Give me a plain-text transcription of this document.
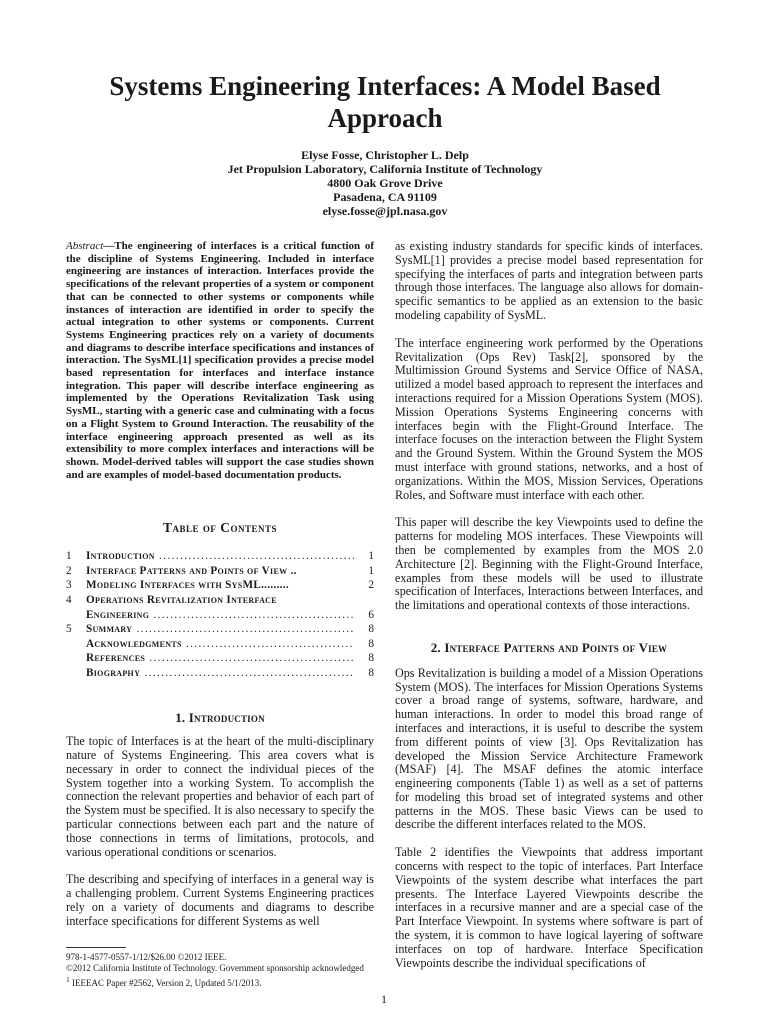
Systems Engineering Interfaces: A Model Based Approach
Elyse Fosse, Christopher L. Delp
Jet Propulsion Laboratory, California Institute of Technology
4800 Oak Grove Drive
Pasadena, CA 91109
elyse.fosse@jpl.nasa.gov

Abstract—The engineering of interfaces is a critical function of the discipline of Systems Engineering. Included in interface engineering are instances of interaction. Interfaces provide the specifications of the relevant properties of a system or component that can be connected to other systems or components while instances of interaction are identified in order to specify the actual integration to other systems or components. Current Systems Engineering practices rely on a variety of documents and diagrams to describe interface specifications and instances of interaction. The SysML[1] specification provides a precise model based representation for interfaces and interface instance integration. This paper will describe interface engineering as implemented by the Operations Revitalization Task using SysML, starting with a generic case and culminating with a focus on a Flight System to Ground Interaction. The reusability of the interface engineering approach presented as well as its extensibility to more complex interfaces and interactions will be shown. Model-derived tables will support the case studies shown and are examples of model-based documentation products.

Table of Contents
1	Introduction .....	1
2	Interface Patterns and Points of View ..	1
3	Modeling Interfaces with SysML.........	2
4	Operations Revitalization Interface
Engineering .....	6
5	Summary .....	8
Acknowledgments .....	8
References .....	8
Biography .....	8
1. Introduction

The topic of Interfaces is at the heart of the multi-disciplinary nature of Systems Engineering. This area covers what is necessary in order to connect the individual pieces of the System together into a working System. To accomplish the connection the relevant properties and behavior of each part of the System must be specified. It is also necessary to specify the particular connections between each part and the nature of those connections in terms of limitations, protocols, and various operational conditions or scenarios.

The describing and specifying of interfaces in a general way is a challenging problem. Current Systems Engineering practices rely on a variety of documents and diagrams to describe interface specifications for different Systems as well

978-1-4577-0557-1/12/$26.00 ©2012 IEEE.
©2012 California Institute of Technology. Government sponsorship acknowledged
$^1$ IEEEAC Paper #2562, Version 2, Updated 5/1/2013.

as existing industry standards for specific kinds of interfaces. SysML[1] provides a precise model based representation for specifying the interfaces of parts and integration between parts through those interfaces. The language also allows for domain-specific semantics to be applied as an extension to the basic modeling capability of SysML.

The interface engineering work performed by the Operations Revitalization (Ops Rev) Task[2], sponsored by the Multimission Ground Systems and Service Office of NASA, utilized a model based approach to represent the interfaces and interactions required for a Mission Operations System (MOS). Mission Operations Systems Engineering concerns with interfaces begin with the Flight-Ground Interface. The interface focuses on the interaction between the Flight System and the Ground System. Within the Ground System the MOS must interface with ground stations, networks, and a host of organizations. Within the MOS, Mission Services, Operations Roles, and Software must interface with each other.

This paper will describe the key Viewpoints used to define the patterns for modeling MOS interfaces. These Viewpoints will then be complemented by examples from the MOS 2.0 Architecture [2]. Beginning with the Flight-Ground Interface, examples from these models will be used to illustrate specification of Interfaces, Interactions between Interfaces, and the limitations and operational contexts of those interactions.

2. Interface Patterns and Points of View

Ops Revitalization is building a model of a Mission Operations System (MOS). The interfaces for Mission Operations Systems cover a broad range of systems, software, hardware, and human interactions. In order to model this broad range of interfaces and interactions, it is useful to describe the system from different points of view [3]. Ops Revitalization has developed the Mission Service Architecture Framework (MSAF) [4]. The MSAF defines the atomic interface engineering components (Table 1) as well as a set of patterns for modeling this broad set of integrated systems and other patterns in the MOS. These basic Views can be used to describe the different interfaces related to the MOS.

Table 2 identifies the Viewpoints that address important concerns with respect to the topic of interfaces. Part Interface Viewpoints of the system describe what interfaces the part presents. The Interface Layered Viewpoints describe the interfaces in a recursive manner and are a special case of the Part Interface Viewpoint. In systems where software is part of the system, it is common to have logical layering of software interfaces on top of hardware. Interface Specification Viewpoints describe the individual specifications of

1
